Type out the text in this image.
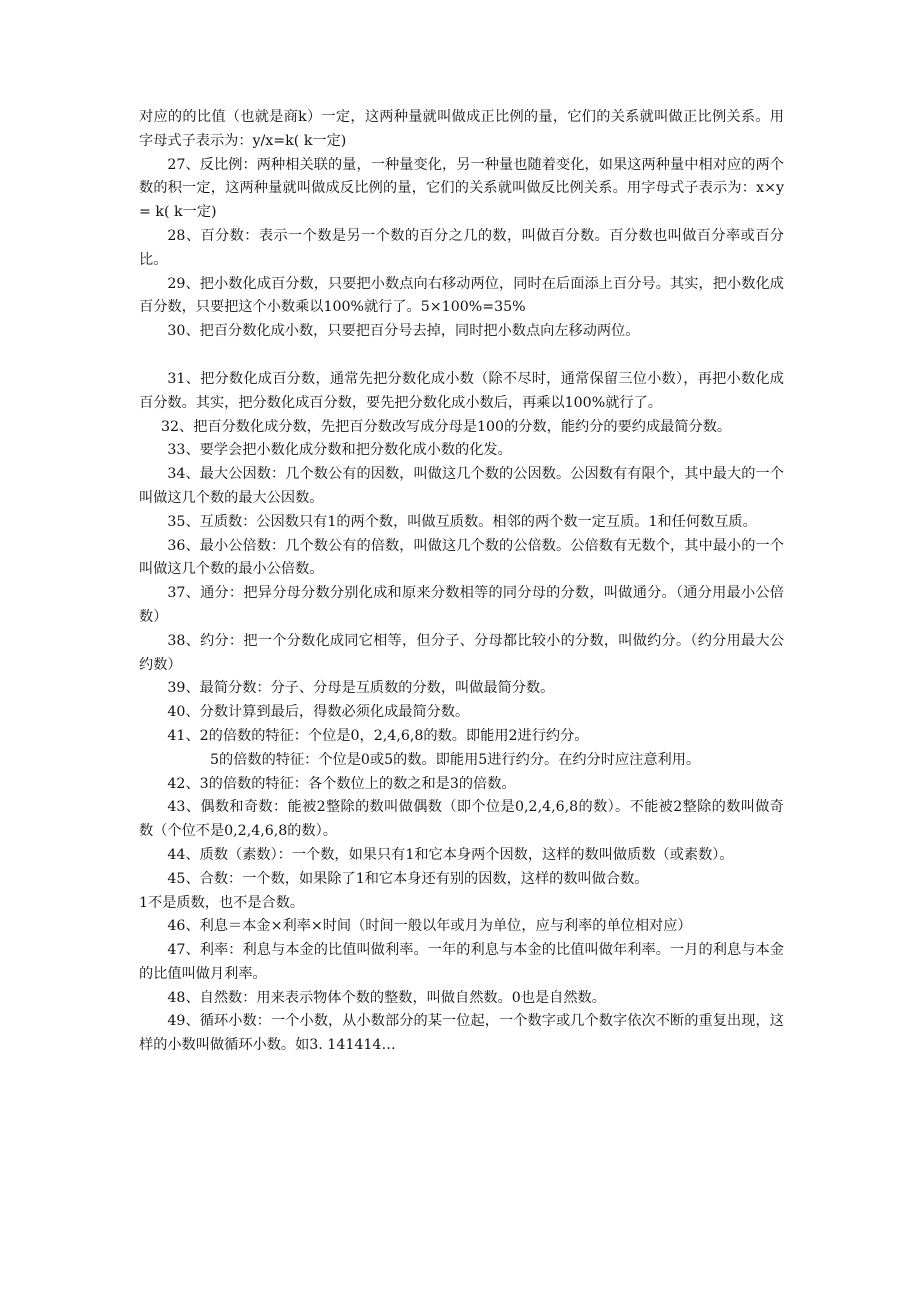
对应的的比值（也就是商k）一定，这两种量就叫做成正比例的量，它们的关系就叫做正比例关系。用字母式子表示为：y/x=k( k一定)

27、反比例：两种相关联的量，一种量变化，另一种量也随着变化，如果这两种量中相对应的两个数的积一定，这两种量就叫做成反比例的量，它们的关系就叫做反比例关系。用字母式子表示为：x×y = k( k一定)

28、百分数：表示一个数是另一个数的百分之几的数，叫做百分数。百分数也叫做百分率或百分比。

29、把小数化成百分数，只要把小数点向右移动两位，同时在后面添上百分号。其实，把小数化成百分数，只要把这个小数乘以100%就行了。5×100%=35%

30、把百分数化成小数，只要把百分号去掉，同时把小数点向左移动两位。

31、把分数化成百分数，通常先把分数化成小数（除不尽时，通常保留三位小数），再把小数化成百分数。其实，把分数化成百分数，要先把分数化成小数后，再乘以100%就行了。

32、把百分数化成分数，先把百分数改写成分母是100的分数，能约分的要约成最简分数。

33、要学会把小数化成分数和把分数化成小数的化发。

34、最大公因数：几个数公有的因数，叫做这几个数的公因数。公因数有有限个，其中最大的一个叫做这几个数的最大公因数。

35、互质数：公因数只有1的两个数，叫做互质数。相邻的两个数一定互质。1和任何数互质。

36、最小公倍数：几个数公有的倍数，叫做这几个数的公倍数。公倍数有无数个，其中最小的一个叫做这几个数的最小公倍数。

37、通分：把异分母分数分别化成和原来分数相等的同分母的分数，叫做通分。（通分用最小公倍数）

38、约分：把一个分数化成同它相等，但分子、分母都比较小的分数，叫做约分。（约分用最大公约数）

39、最简分数：分子、分母是互质数的分数，叫做最简分数。

40、分数计算到最后，得数必须化成最简分数。

41、2的倍数的特征：个位是0，2,4,6,8的数。即能用2进行约分。

5的倍数的特征：个位是0或5的数。即能用5进行约分。在约分时应注意利用。

42、3的倍数的特征：各个数位上的数之和是3的倍数。

43、偶数和奇数：能被2整除的数叫做偶数（即个位是0,2,4,6,8的数）。不能被2整除的数叫做奇数（个位不是0,2,4,6,8的数）。

44、质数（素数）：一个数，如果只有1和它本身两个因数，这样的数叫做质数（或素数）。

45、合数：一个数，如果除了1和它本身还有别的因数，这样的数叫做合数。

1不是质数，也不是合数。

46、利息＝本金×利率×时间（时间一般以年或月为单位，应与利率的单位相对应）

47、利率：利息与本金的比值叫做利率。一年的利息与本金的比值叫做年利率。一月的利息与本金的比值叫做月利率。

48、自然数：用来表示物体个数的整数，叫做自然数。0也是自然数。

49、循环小数：一个小数，从小数部分的某一位起，一个数字或几个数字依次不断的重复出现，这样的小数叫做循环小数。如3. 141414…
